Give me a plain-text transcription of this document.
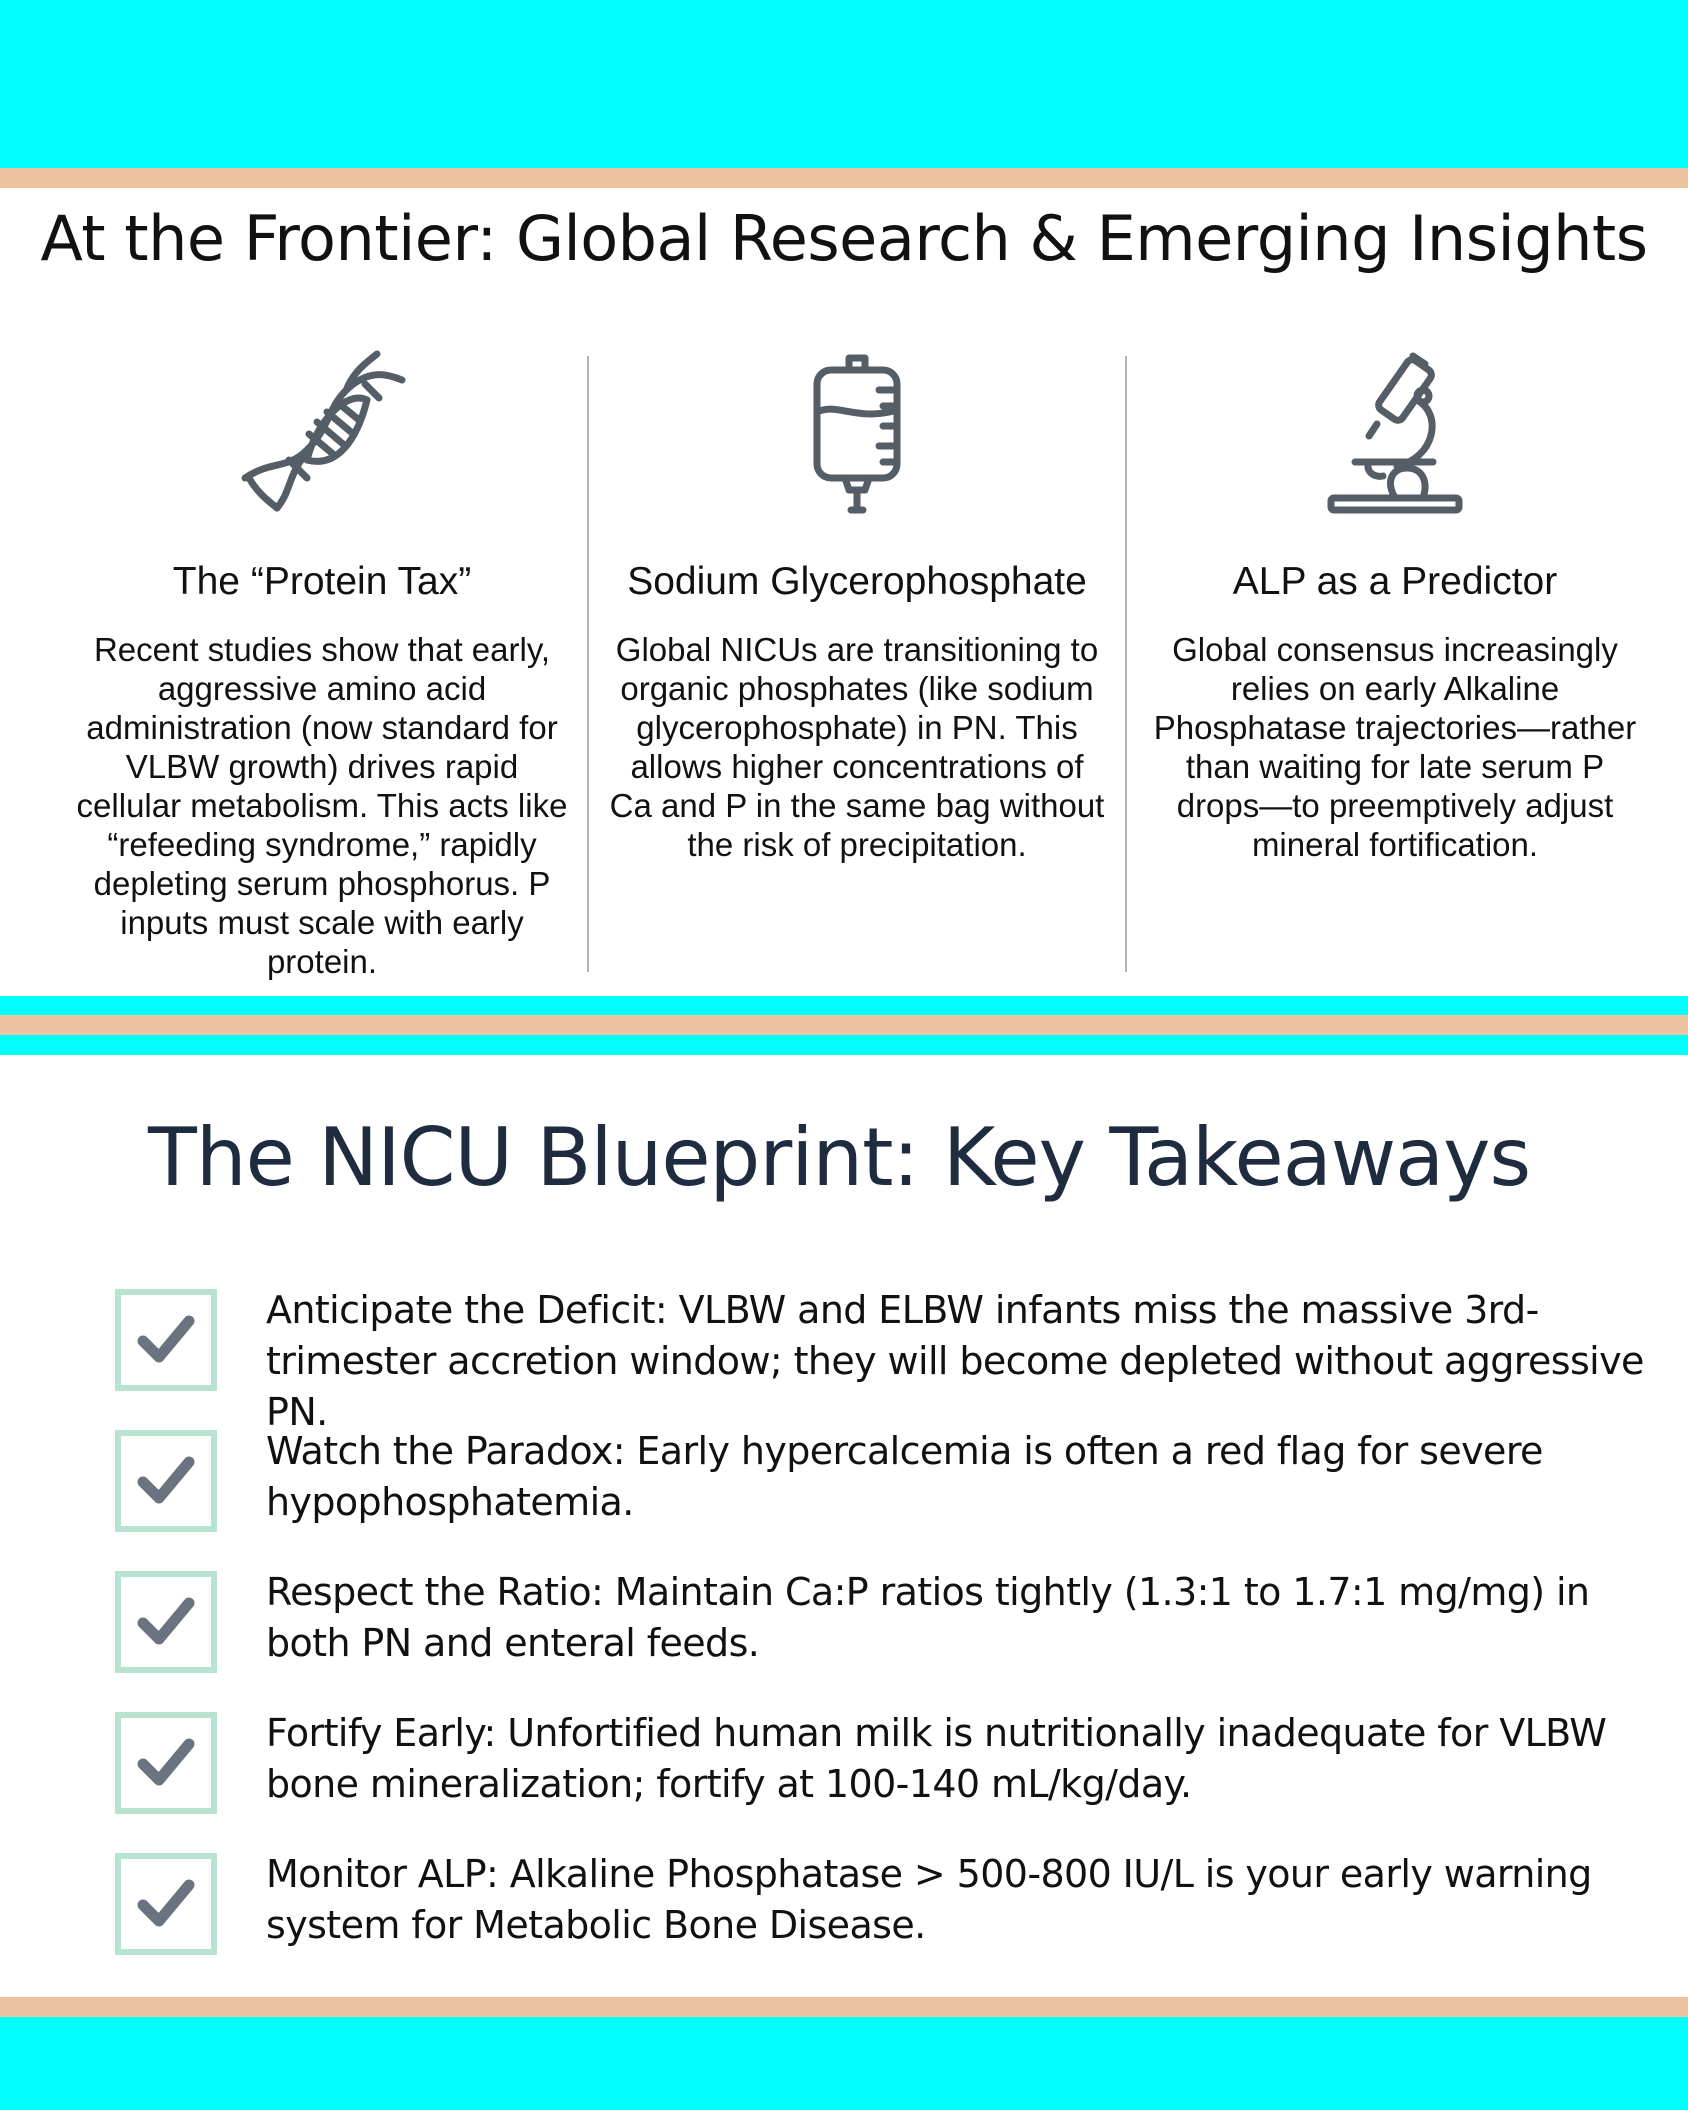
At the Frontier: Global Research & Emerging Insights
The “Protein Tax”
Recent studies show that early, aggressive amino acid administration (now standard for VLBW growth) drives rapid cellular metabolism. This acts like “refeeding syndrome,” rapidly depleting serum phosphorus. P inputs must scale with early protein.
Sodium Glycerophosphate
Global NICUs are transitioning to organic phosphates (like sodium glycerophosphate) in PN. This allows higher concentrations of Ca and P in the same bag without the risk of precipitation.
ALP as a Predictor
Global consensus increasingly relies on early Alkaline Phosphatase trajectories—rather than waiting for late serum P drops—to preemptively adjust mineral fortification.
The NICU Blueprint: Key Takeaways
Anticipate the Deficit: VLBW and ELBW infants miss the massive 3rd-trimester accretion window; they will become depleted without aggressive PN.
Watch the Paradox: Early hypercalcemia is often a red flag for severe hypophosphatemia.
Respect the Ratio: Maintain Ca:P ratios tightly (1.3:1 to 1.7:1 mg/mg) in both PN and enteral feeds.
Fortify Early: Unfortified human milk is nutritionally inadequate for VLBW bone mineralization; fortify at 100-140 mL/kg/day.
Monitor ALP: Alkaline Phosphatase > 500-800 IU/L is your early warning system for Metabolic Bone Disease.
